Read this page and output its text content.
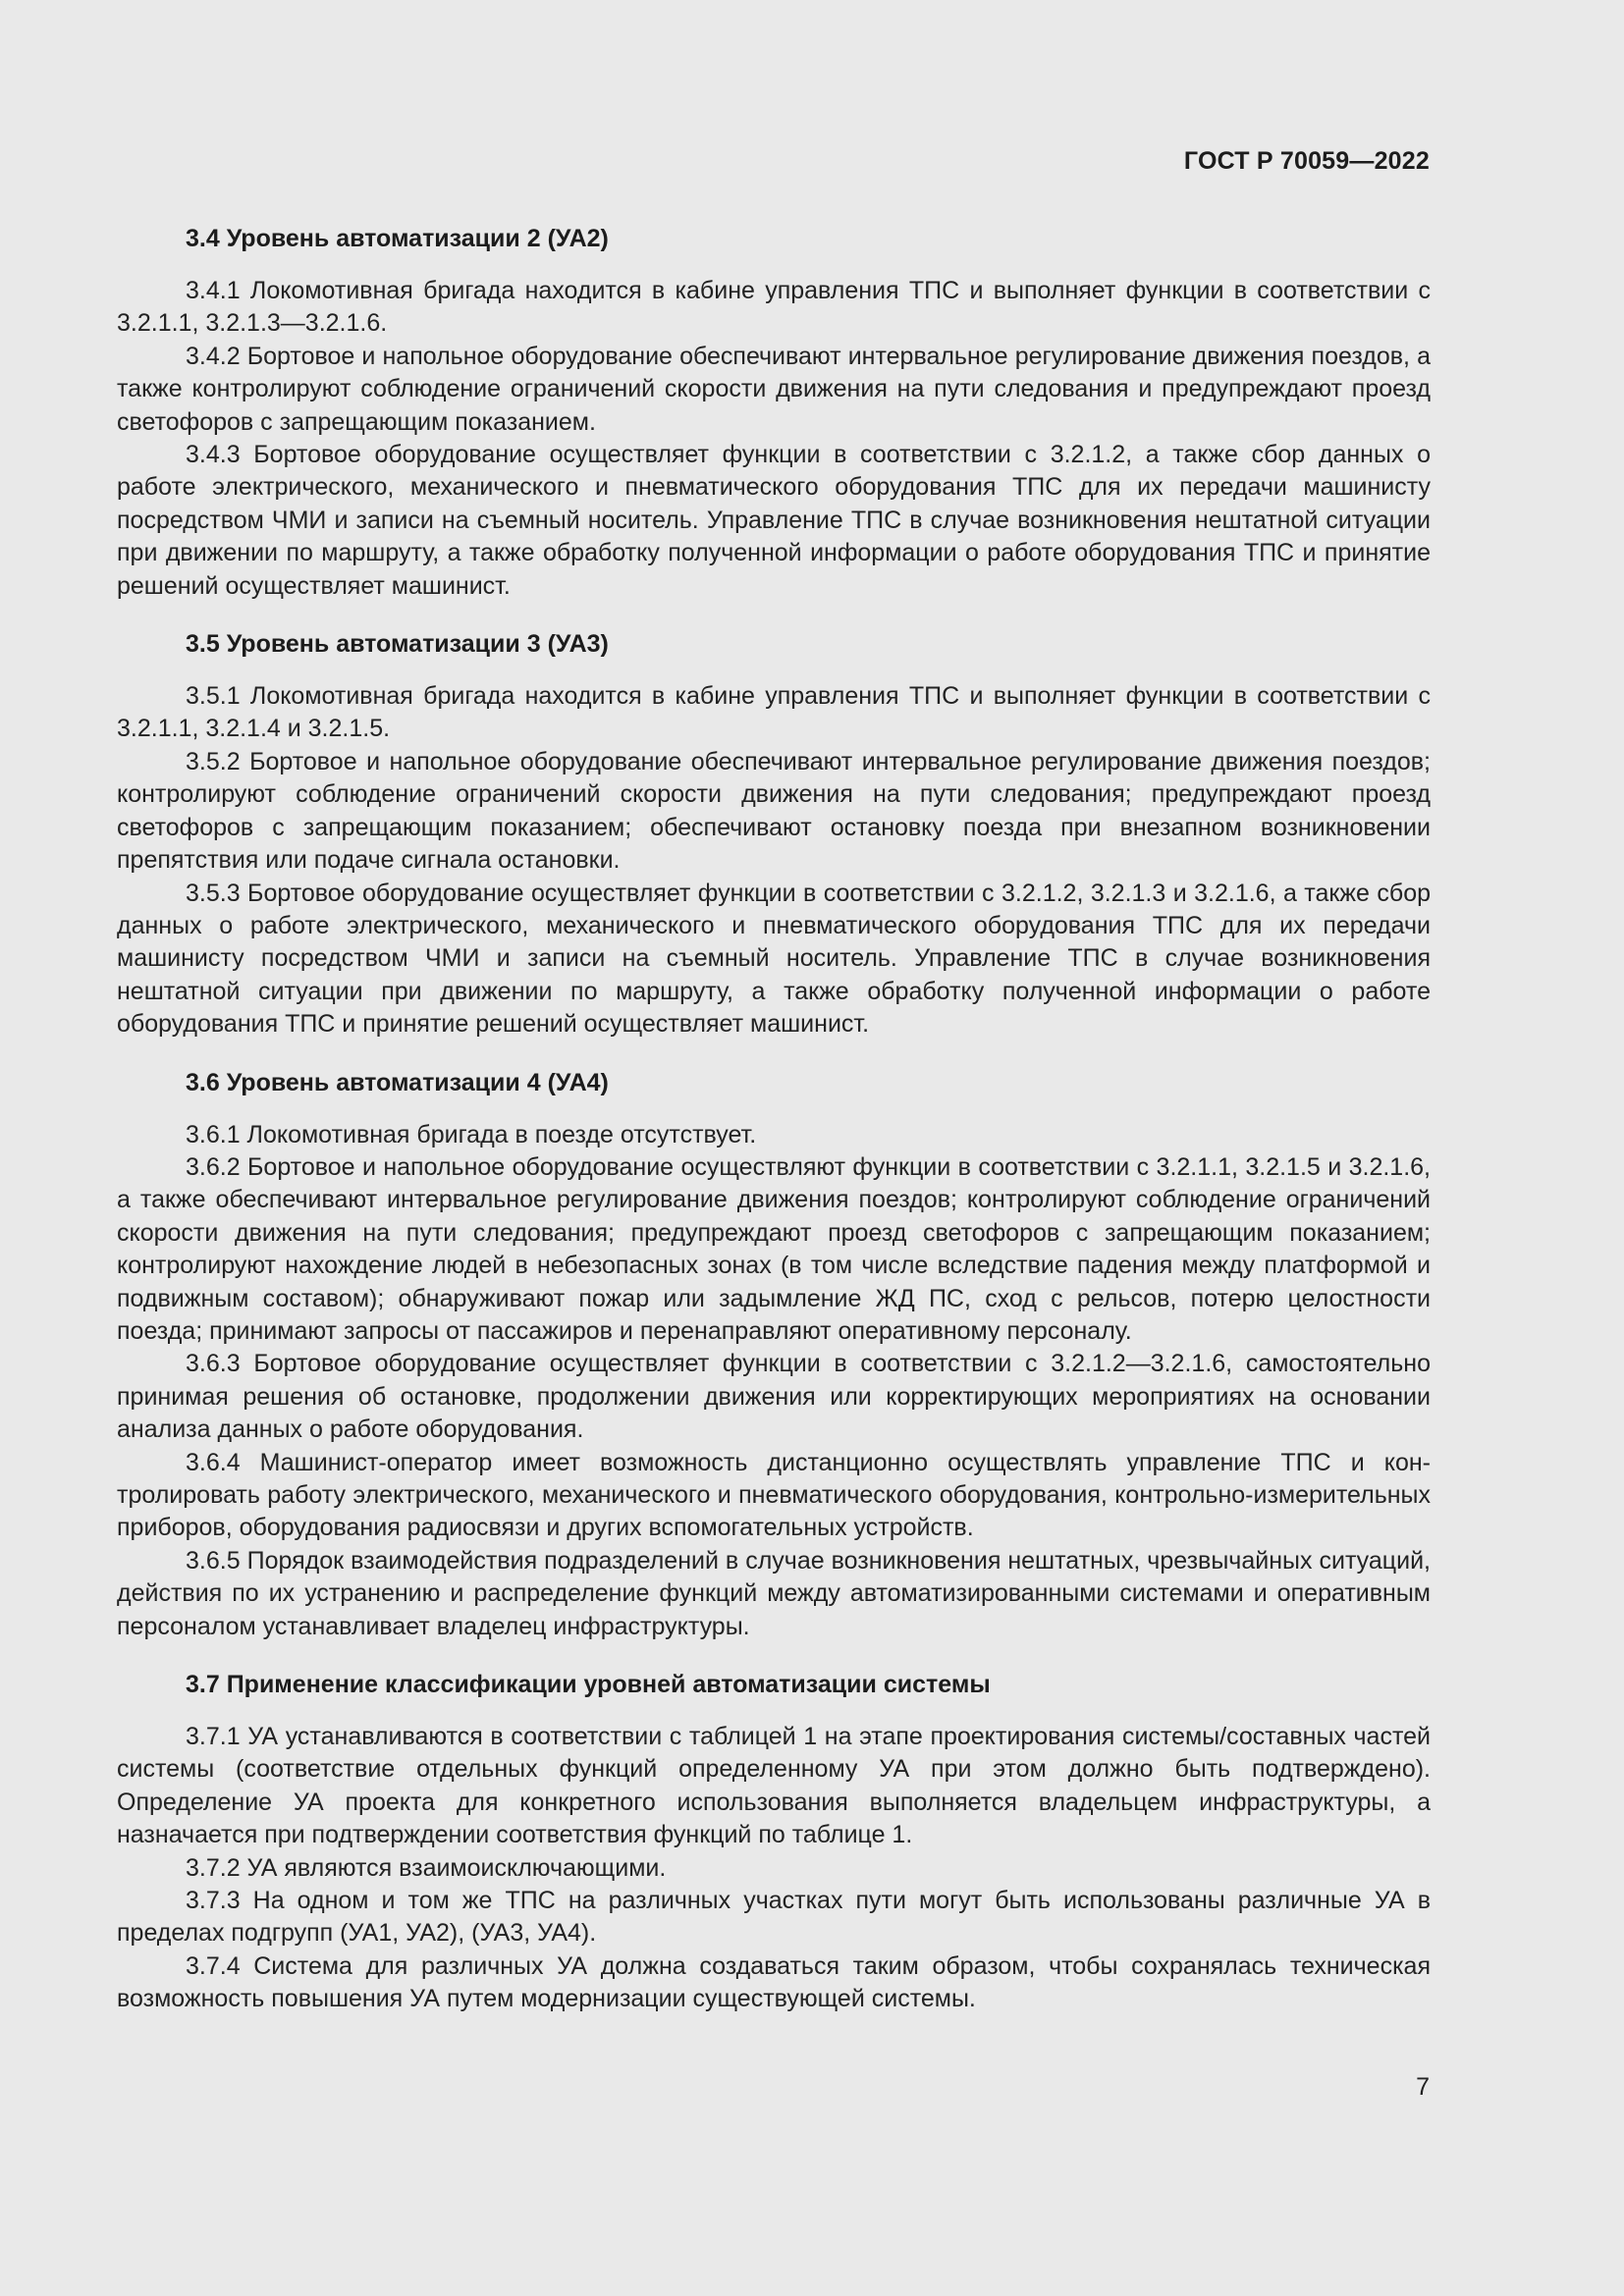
ГОСТ Р 70059—2022
3.4 Уровень автоматизации 2 (УА2)

3.4.1 Локомотивная бригада находится в кабине управления ТПС и выполняет функции в соответствии с 3.2.1.1, 3.2.1.3—3.2.1.6.

3.4.2 Бортовое и напольное оборудование обеспечивают интервальное регулирование движения поездов, а также контролируют соблюдение ограничений скорости движения на пути следования и предупреждают проезд светофоров с запрещающим показанием.

3.4.3 Бортовое оборудование осуществляет функции в соответствии с 3.2.1.2, а также сбор данных о работе электрического, механического и пневматического оборудования ТПС для их передачи машинисту посредством ЧМИ и записи на съемный носитель. Управление ТПС в случае возникновения нештатной ситуации при движении по маршруту, а также обработку полученной информации о работе оборудования ТПС и принятие решений осуществляет машинист.

3.5 Уровень автоматизации 3 (УА3)

3.5.1 Локомотивная бригада находится в кабине управления ТПС и выполняет функции в соответствии с 3.2.1.1, 3.2.1.4 и 3.2.1.5.

3.5.2 Бортовое и напольное оборудование обеспечивают интервальное регулирование движения поездов; контролируют соблюдение ограничений скорости движения на пути следования; предупреждают проезд светофоров с запрещающим показанием; обеспечивают остановку поезда при внезапном возникновении препятствия или подаче сигнала остановки.

3.5.3 Бортовое оборудование осуществляет функции в соответствии с 3.2.1.2, 3.2.1.3 и 3.2.1.6, а также сбор данных о работе электрического, механического и пневматического оборудования ТПС для их передачи машинисту посредством ЧМИ и записи на съемный носитель. Управление ТПС в случае возникновения нештатной ситуации при движении по маршруту, а также обработку полученной информации о работе оборудования ТПС и принятие решений осуществляет машинист.

3.6 Уровень автоматизации 4 (УА4)

3.6.1 Локомотивная бригада в поезде отсутствует.

3.6.2 Бортовое и напольное оборудование осуществляют функции в соответствии с 3.2.1.1, 3.2.1.5 и 3.2.1.6, а также обеспечивают интервальное регулирование движения поездов; контролируют соблюдение ограничений скорости движения на пути следования; предупреждают проезд светофоров с запрещающим показанием; контролируют нахождение людей в небезопасных зонах (в том числе вследствие падения между платформой и подвижным составом); обнаруживают пожар или задымление ЖД ПС, сход с рельсов, потерю целостности поезда; принимают запросы от пассажиров и перенаправляют оперативному персоналу.

3.6.3 Бортовое оборудование осуществляет функции в соответствии с 3.2.1.2—3.2.1.6, самостоятельно принимая решения об остановке, продолжении движения или корректирующих мероприятиях на основании анализа данных о работе оборудования.

3.6.4 Машинист-оператор имеет возможность дистанционно осуществлять управление ТПС и контролировать работу электрического, механического и пневматического оборудования, контрольно-измерительных приборов, оборудования радиосвязи и других вспомогательных устройств.

3.6.5 Порядок взаимодействия подразделений в случае возникновения нештатных, чрезвычайных ситуаций, действия по их устранению и распределение функций между автоматизированными системами и оперативным персоналом устанавливает владелец инфраструктуры.

3.7 Применение классификации уровней автоматизации системы

3.7.1 УА устанавливаются в соответствии с таблицей 1 на этапе проектирования системы/составных частей системы (соответствие отдельных функций определенному УА при этом должно быть подтверждено). Определение УА проекта для конкретного использования выполняется владельцем инфраструктуры, а назначается при подтверждении соответствия функций по таблице 1.

3.7.2 УА являются взаимоисключающими.

3.7.3 На одном и том же ТПС на различных участках пути могут быть использованы различные УА в пределах подгрупп (УА1, УА2), (УА3, УА4).

3.7.4 Система для различных УА должна создаваться таким образом, чтобы сохранялась техническая возможность повышения УА путем модернизации существующей системы.

7
